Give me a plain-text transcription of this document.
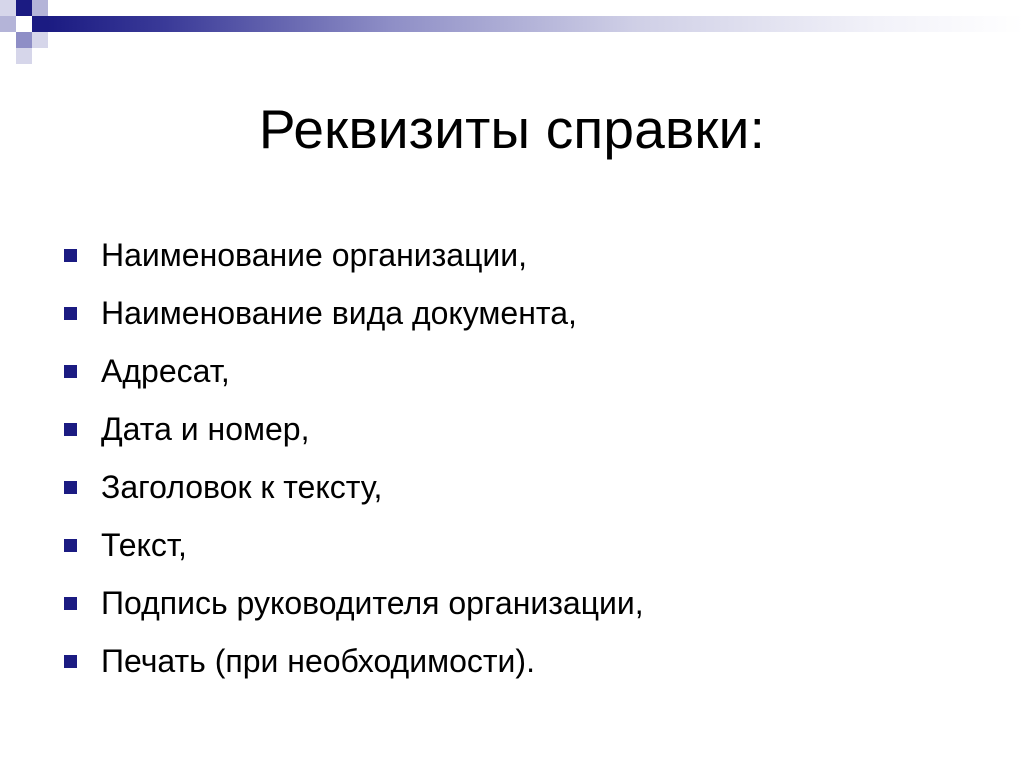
Реквизиты справки:
Наименование организации,
Наименование вида документа,
Адресат,
Дата и номер,
Заголовок к тексту,
Текст,
Подпись руководителя организации,
Печать (при необходимости).
